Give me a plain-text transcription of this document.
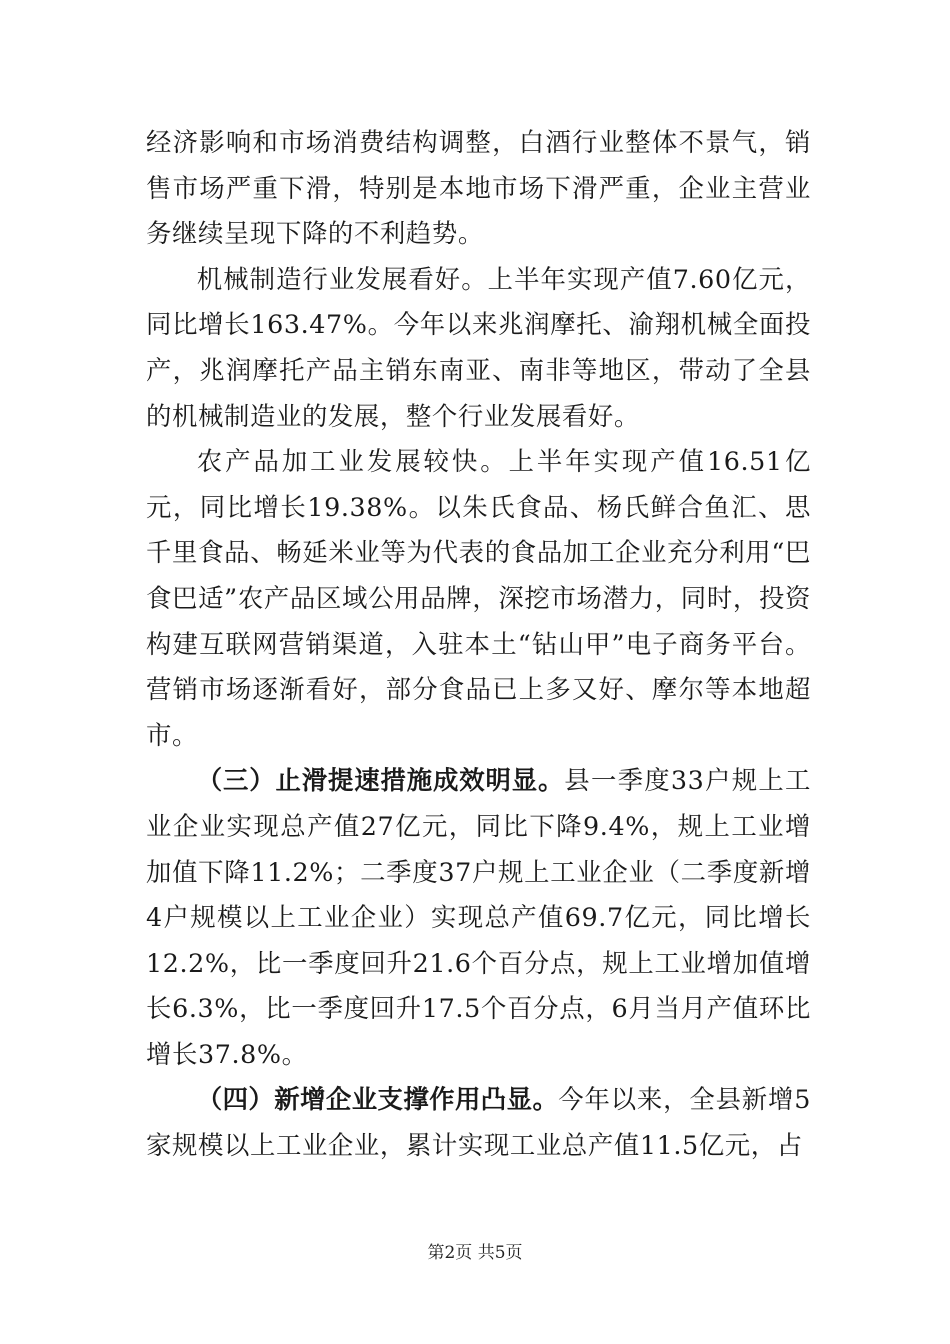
经济影响和市场消费结构调整，白酒行业整体不景气，销售市场严重下滑，特别是本地市场下滑严重，企业主营业务继续呈现下降的不利趋势。

机械制造行业发展看好。上半年实现产值7.60亿元，同比增长163.47%。今年以来兆润摩托、渝翔机械全面投产，兆润摩托产品主销东南亚、南非等地区，带动了全县的机械制造业的发展，整个行业发展看好。

农产品加工业发展较快。上半年实现产值16.51亿元，同比增长19.38%。以朱氏食品、杨氏鲜合鱼汇、思千里食品、畅延米业等为代表的食品加工企业充分利用“巴食巴适”农产品区域公用品牌，深挖市场潜力，同时，投资构建互联网营销渠道，入驻本土“钻山甲”电子商务平台。营销市场逐渐看好，部分食品已上多又好、摩尔等本地超市。

（三）止滑提速措施成效明显。县一季度33户规上工业企业实现总产值27亿元，同比下降9.4%，规上工业增加值下降11.2%；二季度37户规上工业企业（二季度新增4户规模以上工业企业）实现总产值69.7亿元，同比增长12.2%，比一季度回升21.6个百分点，规上工业增加值增长6.3%，比一季度回升17.5个百分点，6月当月产值环比增长37.8%。

（四）新增企业支撑作用凸显。今年以来，全县新增5家规模以上工业企业，累计实现工业总产值11.5亿元，占

第2页 共5页
